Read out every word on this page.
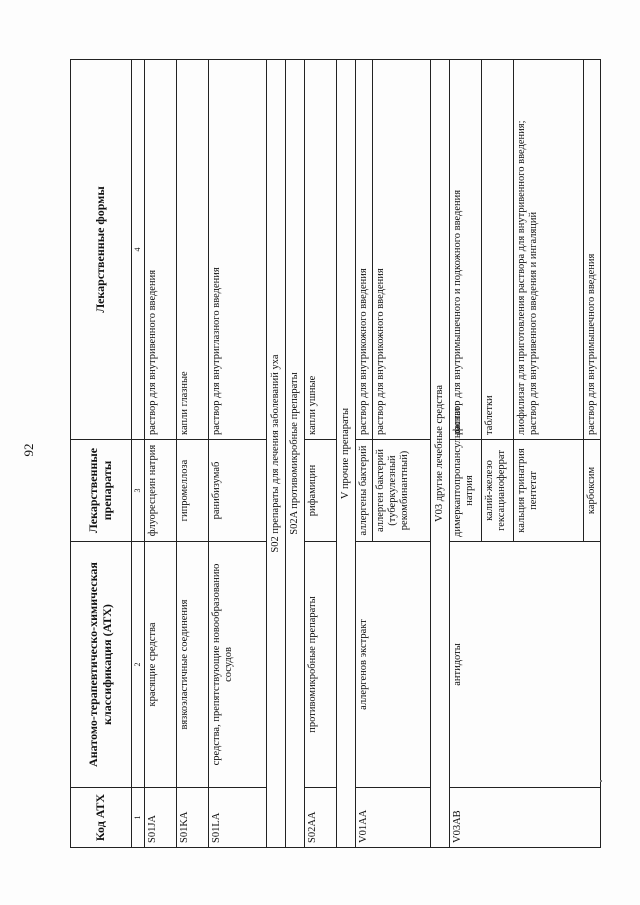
92
Код АТХ	Анатомо-терапевтическо-химическая классификация (АТХ)	Лекарственные препараты	Лекарственные формы
1	2	3	4
S01JA	красящие средства	флуоресцеин натрия	раствор для внутривенного введения
S01KA	вязкоэластичные соединения	гипромеллоза	капли глазные
S01LA	средства, препятствующие новообразованию сосудов	ранибизумаб	раствор для внутриглазного введения
S02 препараты для лечения заболеваний уха			
S02A противомикробные препараты			
S02AA	противомикробные препараты	рифамицин	капли ушные
V прочие препараты			
V01AA	аллергенов экстракт	аллергены бактерий	раствор для внутрикожного введения
		аллерген бактерий (туберкулезный рекомбинантный)	раствор для внутрикожного введения
V03 другие лечебные средства			
V03AB	антидоты	димеркаптопропансульфонат натрия	раствор для внутримышечного и подкожного введения
		калий-железо гексацианоферрат	таблетки
		кальция тринатрия пентетат	лиофилизат для приготовления раствора для внутривенного введения; раствор для внутривенного введения и ингаляций

		карбоксим	раствор для внутримышечного введения
